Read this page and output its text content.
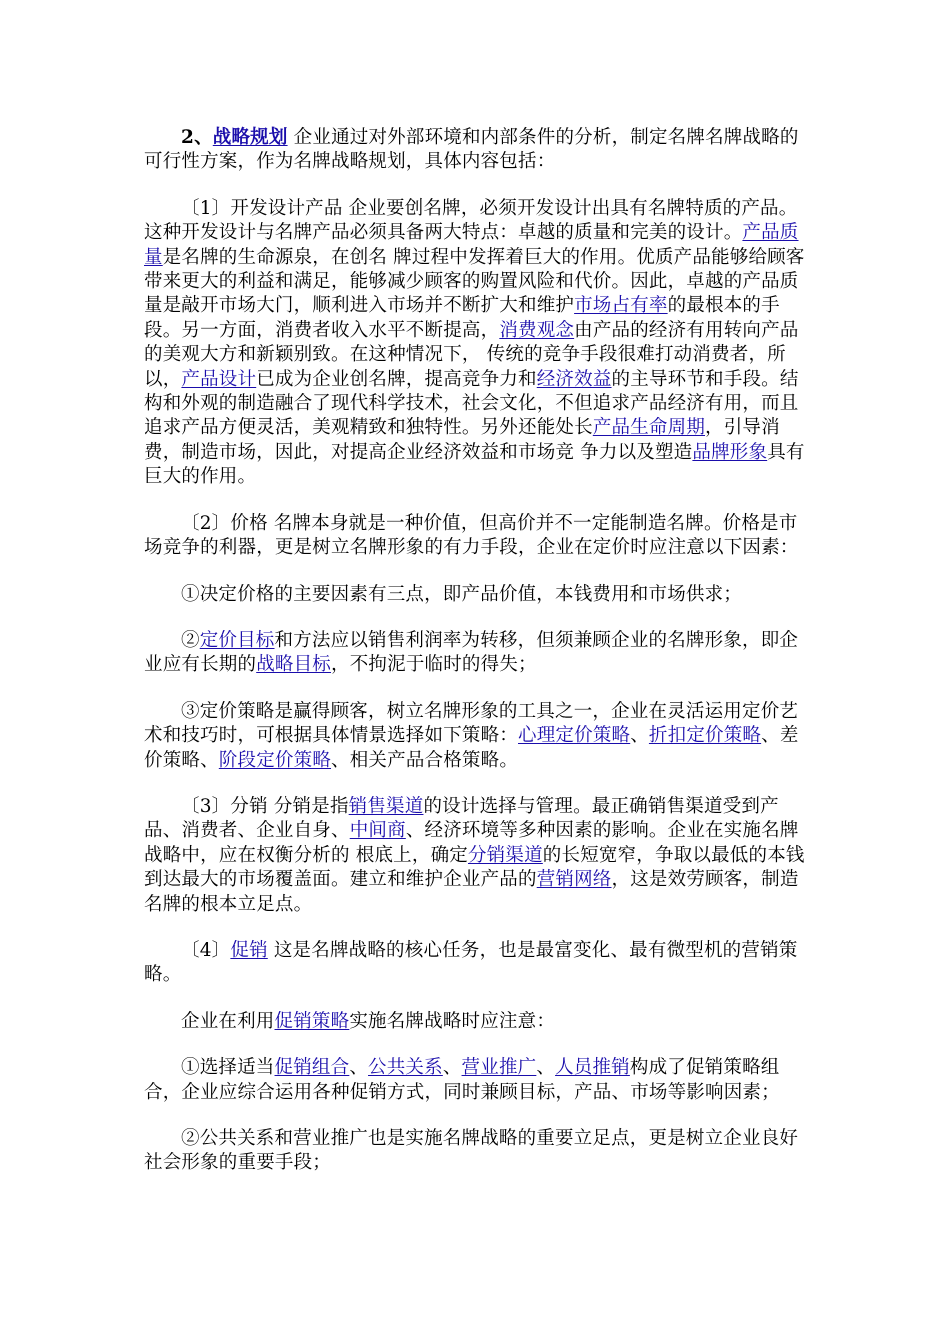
2、战略规划 企业通过对外部环境和内部条件的分析，制定名牌名牌战略的可行性方案，作为名牌战略规划，具体内容包括：

〔1〕开发设计产品 企业要创名牌，必须开发设计出具有名牌特质的产品。这种开发设计与名牌产品必须具备两大特点：卓越的质量和完美的设计。产品质量是名牌的生命源泉，在创名 牌过程中发挥着巨大的作用。优质产品能够给顾客带来更大的利益和满足，能够减少顾客的购置风险和代价。因此，卓越的产品质量是敲开市场大门，顺利进入市场并不断扩大和维护市场占有率的最根本的手段。另一方面，消费者收入水平不断提高，消费观念由产品的经济有用转向产品的美观大方和新颖别致。在这种情况下， 传统的竞争手段很难打动消费者，所以，产品设计已成为企业创名牌，提高竞争力和经济效益的主导环节和手段。结构和外观的制造融合了现代科学技术，社会文化，不但追求产品经济有用，而且追求产品方便灵活，美观精致和独特性。另外还能处长产品生命周期，引导消费，制造市场，因此，对提高企业经济效益和市场竞 争力以及塑造品牌形象具有巨大的作用。

〔2〕价格 名牌本身就是一种价值，但高价并不一定能制造名牌。价格是市场竞争的利器，更是树立名牌形象的有力手段，企业在定价时应注意以下因素：

①决定价格的主要因素有三点，即产品价值，本钱费用和市场供求；

②定价目标和方法应以销售利润率为转移，但须兼顾企业的名牌形象，即企业应有长期的战略目标，不拘泥于临时的得失；

③定价策略是赢得顾客，树立名牌形象的工具之一，企业在灵活运用定价艺术和技巧时，可根据具体情景选择如下策略：心理定价策略、折扣定价策略、差价策略、阶段定价策略、相关产品合格策略。

〔3〕分销 分销是指销售渠道的设计选择与管理。最正确销售渠道受到产品、消费者、企业自身、中间商、经济环境等多种因素的影响。企业在实施名牌战略中，应在权衡分析的 根底上，确定分销渠道的长短宽窄，争取以最低的本钱到达最大的市场覆盖面。建立和维护企业产品的营销网络，这是效劳顾客，制造名牌的根本立足点。

〔4〕促销 这是名牌战略的核心任务，也是最富变化、最有微型机的营销策略。

企业在利用促销策略实施名牌战略时应注意：

①选择适当促销组合、公共关系、营业推广、人员推销构成了促销策略组合，企业应综合运用各种促销方式，同时兼顾目标，产品、市场等影响因素；

②公共关系和营业推广也是实施名牌战略的重要立足点，更是树立企业良好社会形象的重要手段；
